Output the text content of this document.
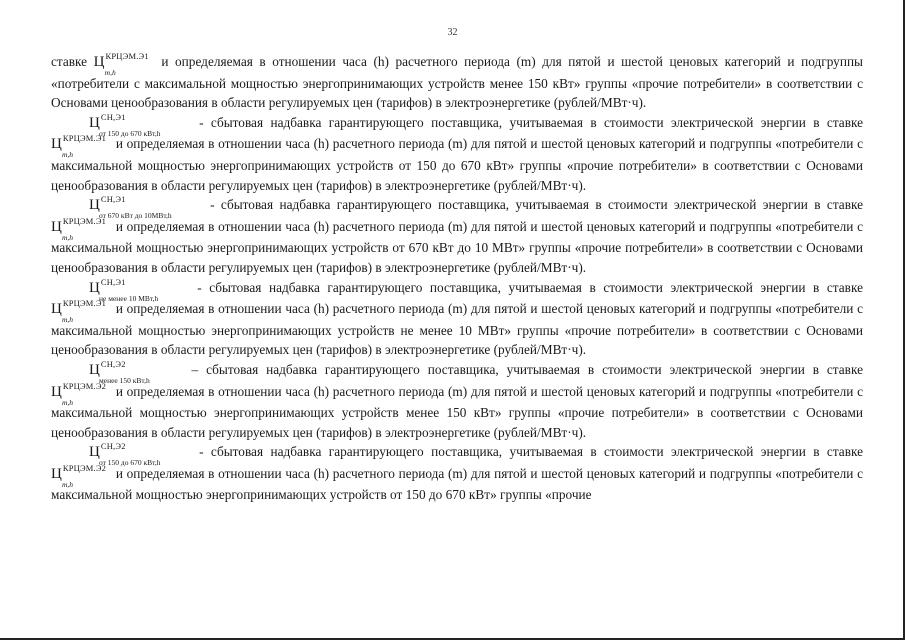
32

ставке $Ц^{КРЦЭМ.Э1}$
m,h
и определяемая в отношении часа (h) расчетного периода (m) для пятой и шестой ценовых категорий и подгруппы «потребители с максимальной мощностью энергопринимающих устройств менее 150 кВт» группы «прочие потребители» в соответствии с Основами ценообразования в области регулируемых цен (тарифов) в электроэнергетике (рублей/МВт·ч).

$Ц^{СН,Э1}$
от 150 до 670 кВт,h
- сбытовая надбавка гарантирующего поставщика, учитываемая в стоимости электрической энергии в ставке $Ц^{КРЦЭМ.Э1}$
m,h
и определяемая в отношении часа (h) расчетного периода (m) для пятой и шестой ценовых категорий и подгруппы «потребители с максимальной мощностью энергопринимающих устройств от 150 до 670 кВт» группы «прочие потребители» в соответствии с Основами ценообразования в области регулируемых цен (тарифов) в электроэнергетике (рублей/МВт·ч).

$Ц^{СН,Э1}$
от 670 кВт до 10МВт,h
- сбытовая надбавка гарантирующего поставщика, учитываемая в стоимости электрической энергии в ставке $Ц^{КРЦЭМ.Э1}$
m,h
и определяемая в отношении часа (h) расчетного периода (m) для пятой и шестой ценовых категорий и подгруппы «потребители с максимальной мощностью энергопринимающих устройств от 670 кВт до 10 МВт» группы «прочие потребители» в соответствии с Основами ценообразования в области регулируемых цен (тарифов) в электроэнергетике (рублей/МВт·ч).

$Ц^{СН,Э1}$
не менее 10 МВт,h
- сбытовая надбавка гарантирующего поставщика, учитываемая в стоимости электрической энергии в ставке $Ц^{КРЦЭМ.Э1}$
m,h
и определяемая в отношении часа (h) расчетного периода (m) для пятой и шестой ценовых категорий и подгруппы «потребители с максимальной мощностью энергопринимающих устройств не менее 10 МВт» группы «прочие потребители» в соответствии с Основами ценообразования в области регулируемых цен (тарифов) в электроэнергетике (рублей/МВт·ч).

$Ц^{СН,Э2}$
менее 150 кВт,h
– сбытовая надбавка гарантирующего поставщика, учитываемая в стоимости электрической энергии в ставке $Ц^{КРЦЭМ.Э2}$
m,h
и определяемая в отношении часа (h) расчетного периода (m) для пятой и шестой ценовых категорий и подгруппы «потребители с максимальной мощностью энергопринимающих устройств менее 150 кВт» группы «прочие потребители» в соответствии с Основами ценообразования в области регулируемых цен (тарифов) в электроэнергетике (рублей/МВт·ч).

$Ц^{СН,Э2}$
от 150 до 670 кВт,h
- сбытовая надбавка гарантирующего поставщика, учитываемая в стоимости электрической энергии в ставке $Ц^{КРЦЭМ.Э2}$
m,h
и определяемая в отношении часа (h) расчетного периода (m) для пятой и шестой ценовых категорий и подгруппы «потребители с максимальной мощностью энергопринимающих устройств от 150 до 670 кВт» группы «прочие
